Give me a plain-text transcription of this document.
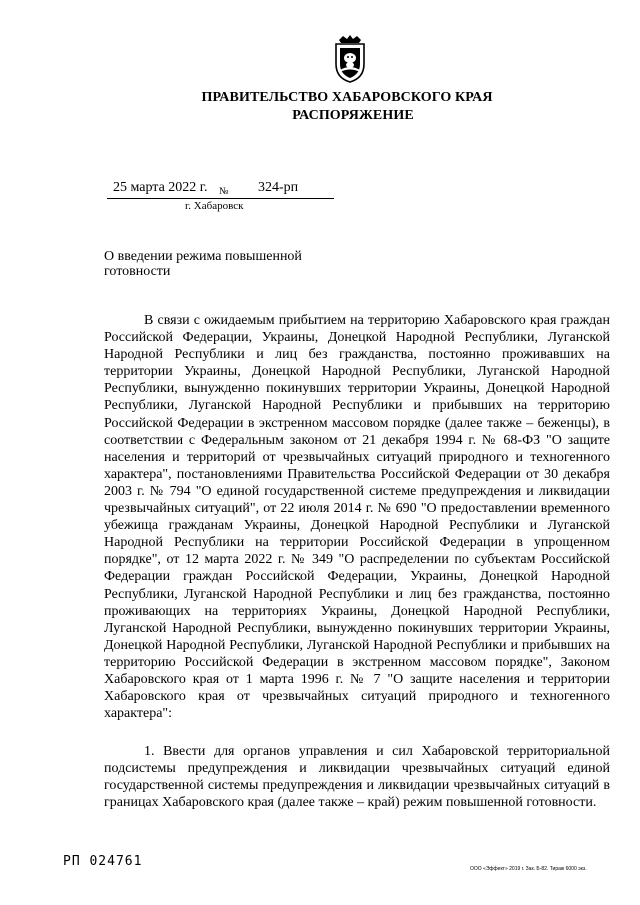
ПРАВИТЕЛЬСТВО ХАБАРОВСКОГО КРАЯ
РАСПОРЯЖЕНИЕ
25 марта 2022 г. № 324-рп
г. Хабаровск
О введении режима повышенной готовности

В связи с ожидаемым прибытием на территорию Хабаровского края граждан Российской Федерации, Украины, Донецкой Народной Республики, Луганской Народной Республики и лиц без гражданства, постоянно проживавших на территории Украины, Донецкой Народной Республики, Луганской Народной Республики, вынужденно покинувших территории Украины, Донецкой Народной Республики, Луганской Народной Республики и прибывших на территорию Российской Федерации в экстренном массовом порядке (далее также – беженцы), в соответствии с Федеральным законом от 21 декабря 1994 г. № 68-ФЗ "О защите населения и территорий от чрезвычайных ситуаций природного и техногенного характера", постановлениями Правительства Российской Федерации от 30 декабря 2003 г. № 794 "О единой государственной системе предупреждения и ликвидации чрезвычайных ситуаций", от 22 июля 2014 г. № 690 "О предоставлении временного убежища гражданам Украины, Донецкой Народной Республики и Луганской Народной Республики на территории Российской Федерации в упрощенном порядке", от 12 марта 2022 г. № 349 "О распределении по субъектам Российской Федерации граждан Российской Федерации, Украины, Донецкой Народной Республики, Луганской Народной Республики и лиц без гражданства, постоянно проживающих на территориях Украины, Донецкой Народной Республики, Луганской Народной Республики, вынужденно покинувших территории Украины, Донецкой Народной Республики, Луганской Народной Республики и прибывших на территорию Российской Федерации в экстренном массовом порядке", Законом Хабаровского края от 1 марта 1996 г. № 7 "О защите населения и территории Хабаровского края от чрезвычайных ситуаций природного и техногенного характера":

1. Ввести для органов управления и сил Хабаровской территориальной подсистемы предупреждения и ликвидации чрезвычайных ситуаций единой государственной системы предупреждения и ликвидации чрезвычайных ситуаций в границах Хабаровского края (далее также – край) режим повышенной готовности.

РП 024761	ООО «Эффект» 2019 г. Зак. Б-82. Тираж 6000 экз.
